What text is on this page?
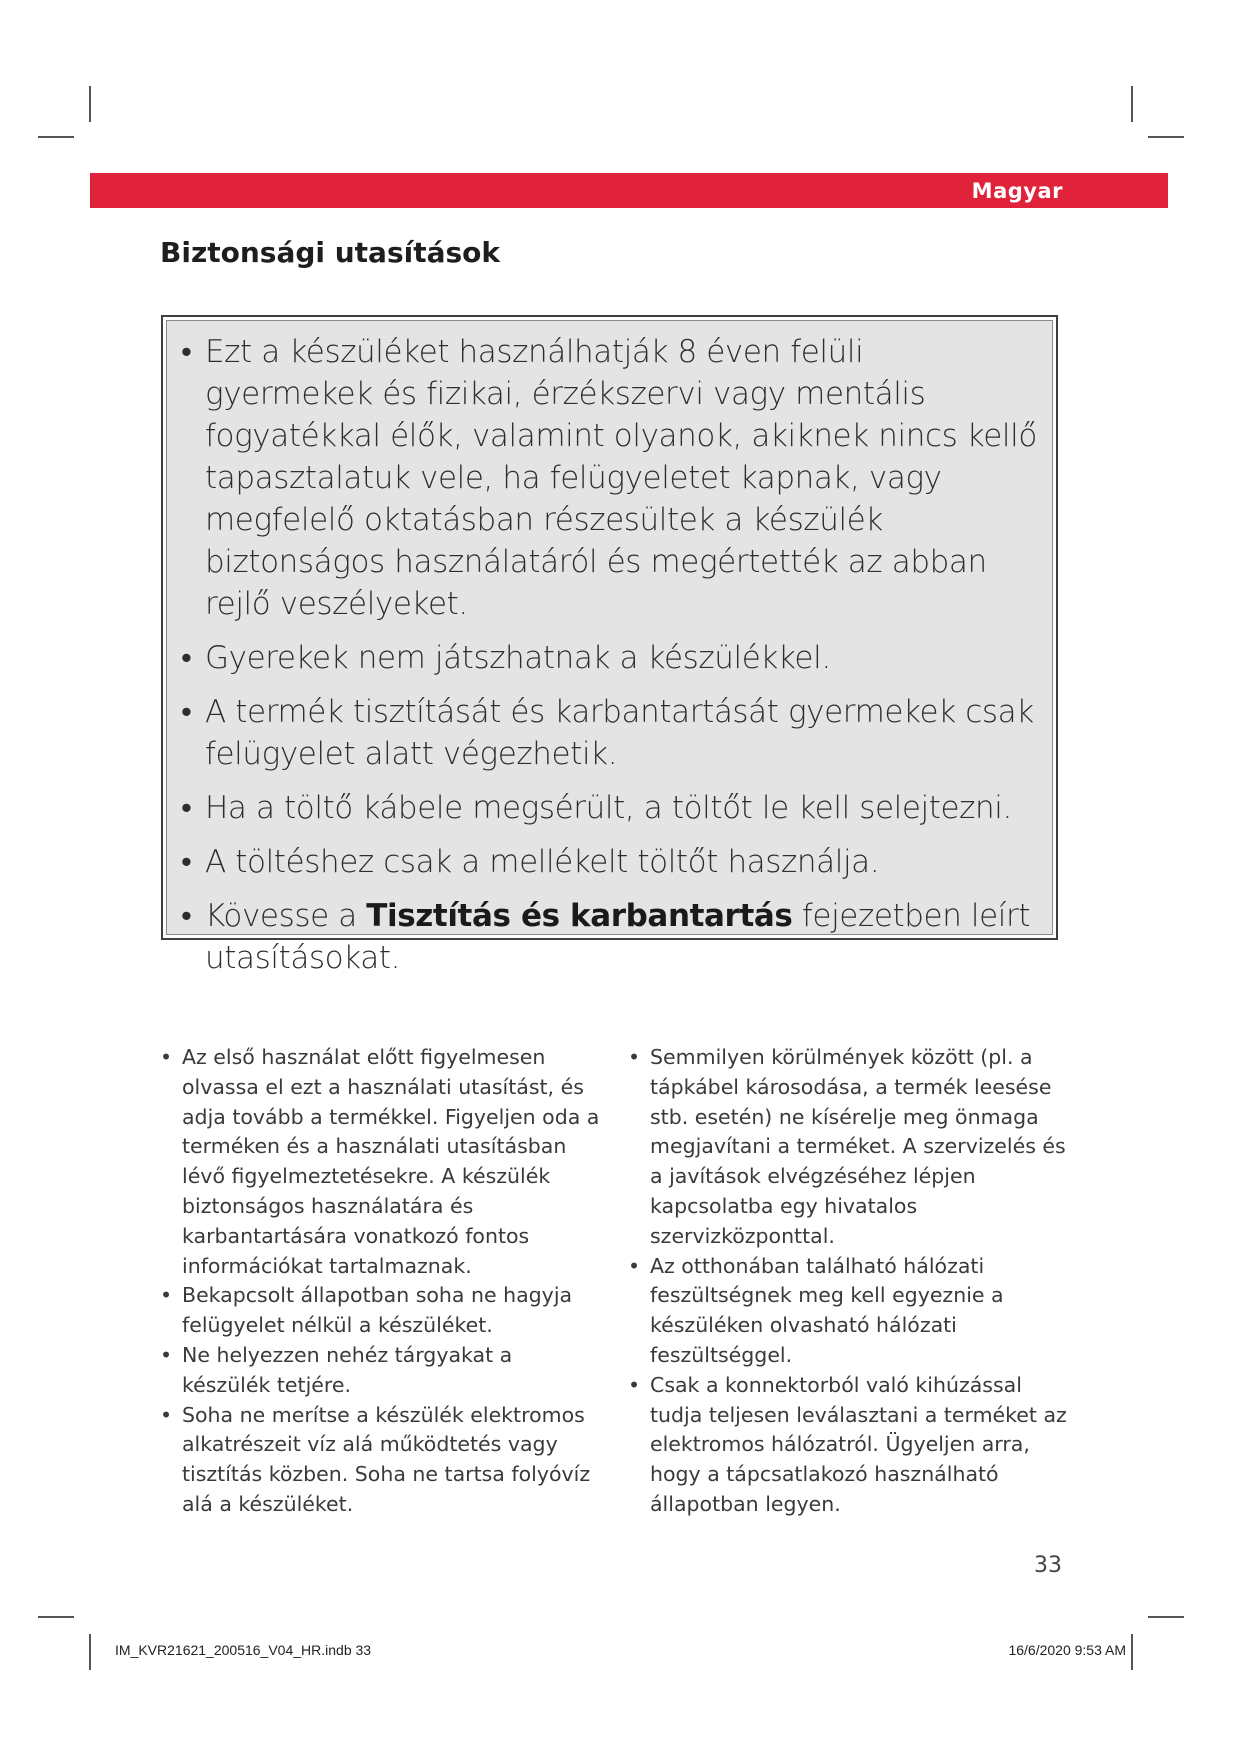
Magyar
Biztonsági utasítások
• Ezt a készüléket használhatják 8 éven felüli gyermekek és fizikai, érzékszervi vagy mentális fogyatékkal élők, valamint olyanok, akiknek nincs kellő tapasztalatuk vele, ha felügyeletet kapnak, vagy megfelelő oktatásban részesültek a készülék biztonságos használatáról és megértették az abban rejlő veszélyeket.
• Gyerekek nem játszhatnak a készülékkel.
• A termék tisztítását és karbantartását gyermekek csak felügyelet alatt végezhetik.
• Ha a töltő kábele megsérült, a töltőt le kell selejtezni.
• A töltéshez csak a mellékelt töltőt használja.
• Kövesse a Tisztítás és karbantartás fejezetben leírt utasításokat.
• Az első használat előtt figyelmesen olvassa el ezt a használati utasítást, és adja tovább a termékkel. Figyeljen oda a terméken és a használati utasításban lévő figyelmeztetésekre. A készülék biztonságos használatára és karbantartására vonatkozó fontos információkat tartalmaznak.
• Bekapcsolt állapotban soha ne hagyja felügyelet nélkül a készüléket.
• Ne helyezzen nehéz tárgyakat a készülék tetjére.
• Soha ne merítse a készülék elektromos alkatrészeit víz alá működtetés vagy tisztítás közben. Soha ne tartsa folyóvíz alá a készüléket.
• Semmilyen körülmények között (pl. a tápkábel károsodása, a termék leesése stb. esetén) ne kísérelje meg önmaga megjavítani a terméket. A szervizelés és a javítások elvégzéséhez lépjen kapcsolatba egy hivatalos szervizközponttal.
• Az otthonában található hálózati feszültségnek meg kell egyeznie a készüléken olvasható hálózati feszültséggel.
• Csak a konnektorból való kihúzással tudja teljesen leválasztani a terméket az elektromos hálózatról. Ügyeljen arra, hogy a tápcsatlakozó használható állapotban legyen.
33
IM_KVR21621_200516_V04_HR.indb 33	16/6/2020 9:53 AM
